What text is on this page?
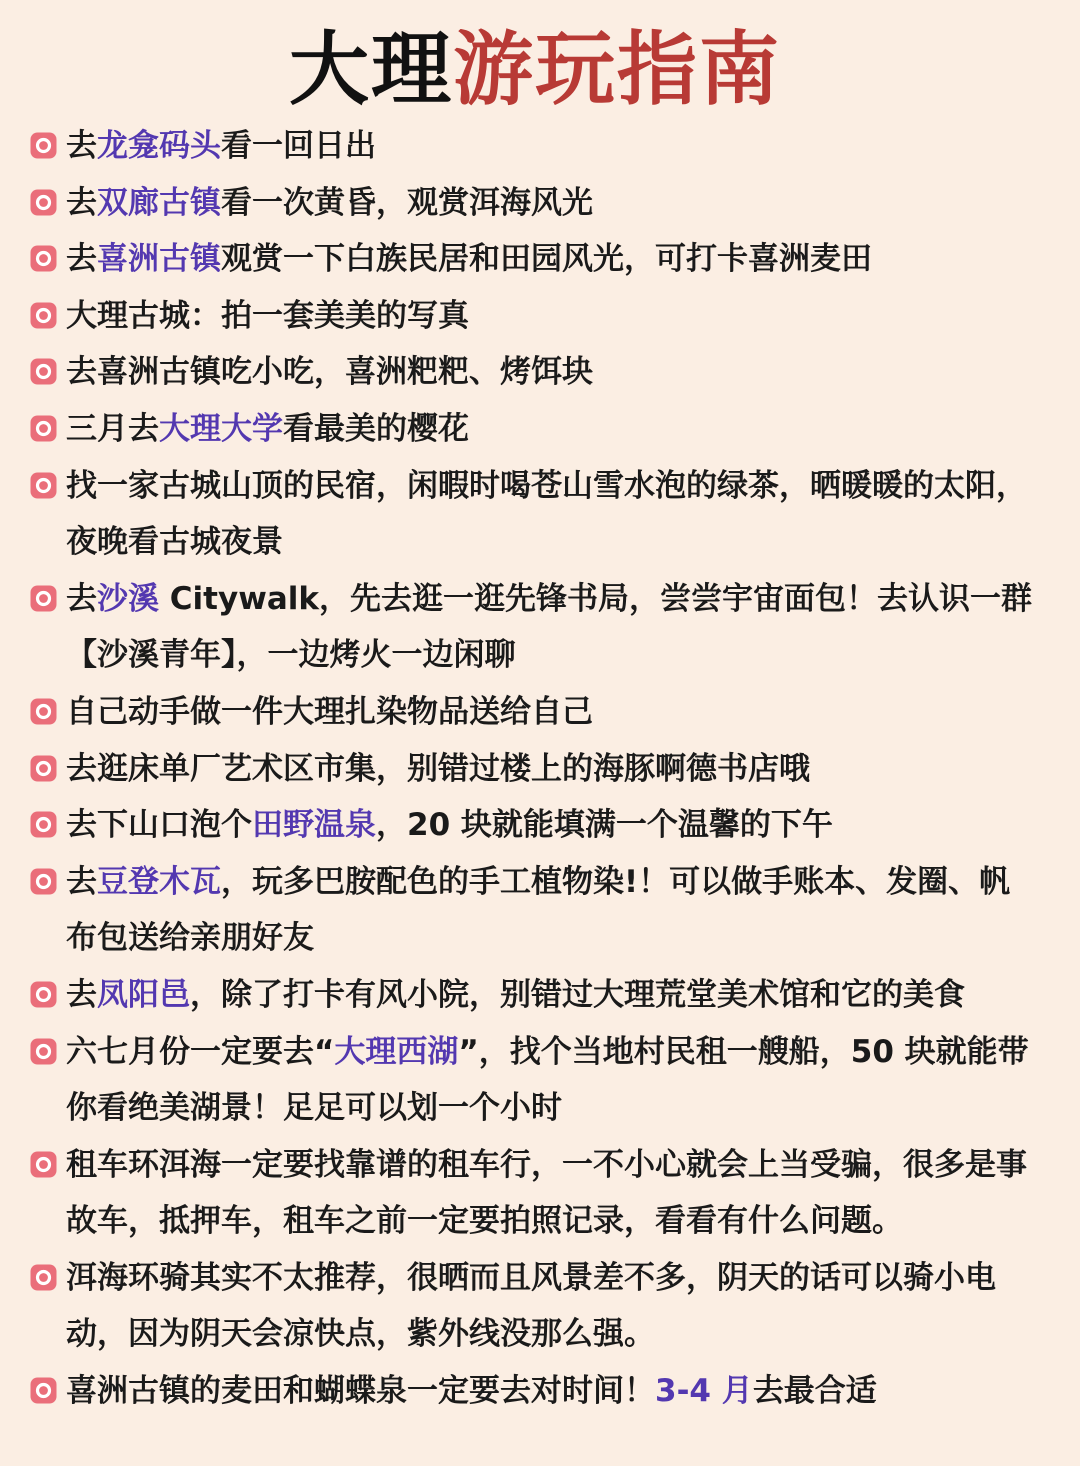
大理游玩指南
去龙龛码头看一回日出
去双廊古镇看一次黄昏，观赏洱海风光
去喜洲古镇观赏一下白族民居和田园风光，可打卡喜洲麦田
大理古城：拍一套美美的写真
去喜洲古镇吃小吃，喜洲粑粑、烤饵块
三月去大理大学看最美的樱花
找一家古城山顶的民宿，闲暇时喝苍山雪水泡的绿茶，晒暖暖的太阳，夜晚看古城夜景
去沙溪 Citywalk，先去逛一逛先锋书局，尝尝宇宙面包！去认识一群【沙溪青年】，一边烤火一边闲聊
自己动手做一件大理扎染物品送给自己
去逛床单厂艺术区市集，别错过楼上的海豚啊德书店哦
去下山口泡个田野温泉，20 块就能填满一个温馨的下午
去豆登木瓦，玩多巴胺配色的手工植物染!！可以做手账本、发圈、帆布包送给亲朋好友
去凤阳邑，除了打卡有风小院，别错过大理荒堂美术馆和它的美食
六七月份一定要去“大理西湖”，找个当地村民租一艘船，50 块就能带你看绝美湖景！足足可以划一个小时
租车环洱海一定要找靠谱的租车行，一不小心就会上当受骗，很多是事故车，抵押车，租车之前一定要拍照记录，看看有什么问题。
洱海环骑其实不太推荐，很晒而且风景差不多，阴天的话可以骑小电动，因为阴天会凉快点，紫外线没那么强。
喜洲古镇的麦田和蝴蝶泉一定要去对时间！3-4 月去最合适
